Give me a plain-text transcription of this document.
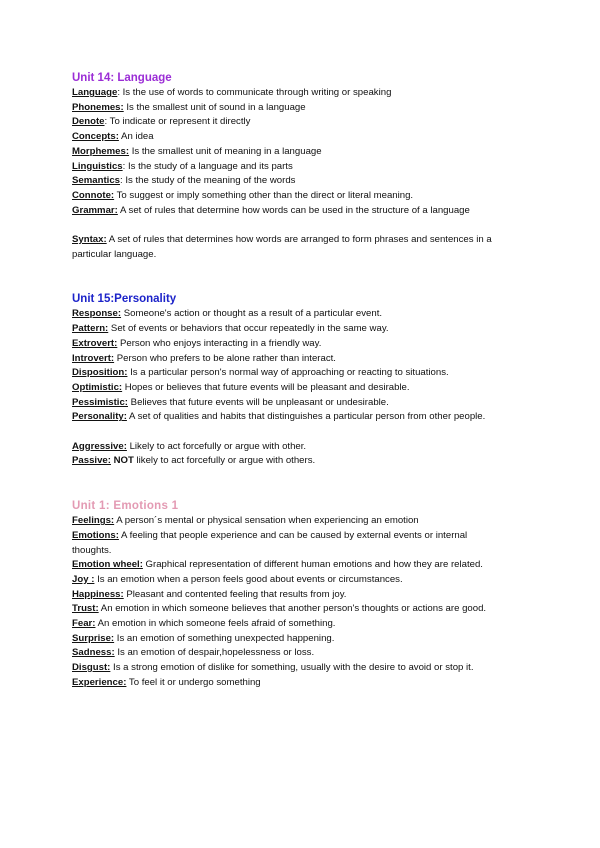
Unit 14: Language

Language: Is the use of words to communicate through writing or speaking

Phonemes: Is the smallest unit of sound in a language

Denote: To indicate or represent it directly

Concepts: An idea

Morphemes: Is the smallest unit of meaning in a language

Linguistics: Is the study of a language and its parts

Semantics: Is the study of the meaning of the words

Connote: To suggest or imply something other than the direct or literal meaning.

Grammar: A set of rules that determine how words can be used in the structure of a language

Syntax: A set of rules that determines how words are arranged to form phrases and sentences in a particular language.

Unit 15:Personality

Response: Someone's action or thought as a result of a particular event.

Pattern: Set of events or behaviors that occur repeatedly in the same way.

Extrovert: Person who enjoys interacting in a friendly way.

Introvert: Person who prefers to be alone rather than interact.

Disposition: Is a particular person's normal way of approaching or reacting to situations.

Optimistic: Hopes or believes that future events will be pleasant and desirable.

Pessimistic: Believes that future events will be unpleasant or undesirable.

Personality: A set of qualities and habits that distinguishes a particular person from other people.

Aggressive: Likely to act forcefully or argue with other.

Passive: NOT likely to act forcefully or argue with others.

Unit 1: Emotions 1

Feelings: A person´s mental or physical sensation when experiencing an emotion

Emotions: A feeling that people experience and can be caused by external events or internal thoughts.

Emotion wheel: Graphical representation of different human emotions and how they are related.

Joy : Is an emotion when a person feels good about events or circumstances.

Happiness: Pleasant and contented feeling that results from joy.

Trust: An emotion in which someone believes that another person's thoughts or actions are good.

Fear: An emotion in which someone feels afraid of something.

Surprise: Is an emotion of something unexpected happening.

Sadness: Is an emotion of despair,hopelessness or loss.

Disgust: Is a strong emotion of dislike for something, usually with the desire to avoid or stop it.

Experience: To feel it or undergo something
